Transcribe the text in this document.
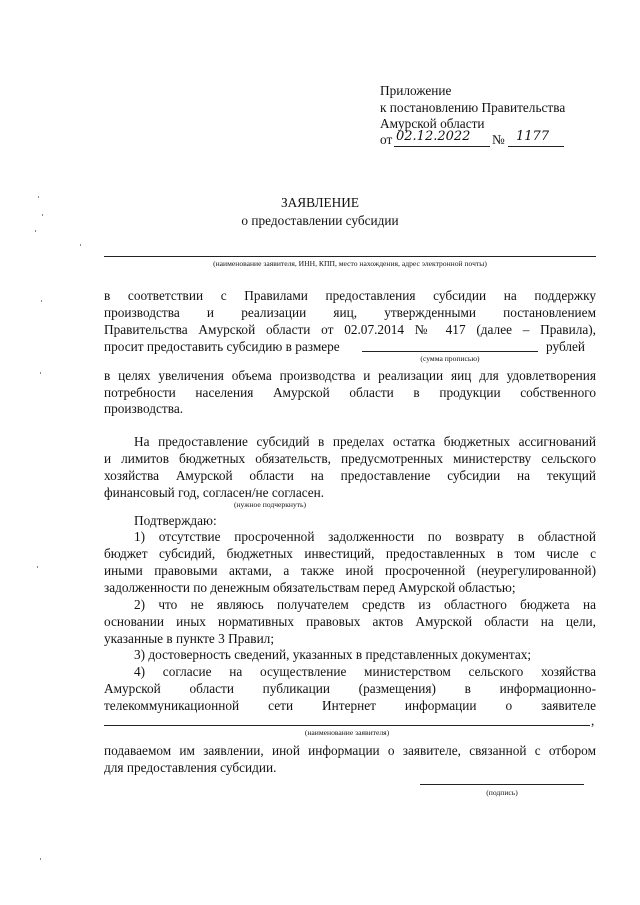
Приложение
к постановлению Правительства
Амурской области
от 02.12.2022 № 1177
ЗАЯВЛЕНИЕ
о предоставлении субсидии
(наименование заявителя, ИНН, КПП, место нахождения, адрес электронной почты)
в соответствии с Правилами предоставления субсидии на поддержку
производства и реализации яиц, утвержденными постановлением
Правительства Амурской области от 02.07.2014 № 417 (далее – Правила),
просит предоставить субсидию в размере	рублей
(сумма прописью)
в целях увеличения объема производства и реализации яиц для удовлетворения
потребности населения Амурской области в продукции собственного
производства.
На предоставление субсидий в пределах остатка бюджетных ассигнований
и лимитов бюджетных обязательств, предусмотренных министерству сельского
хозяйства Амурской области на предоставление субсидии на текущий
финансовый год, согласен/не согласен.
(нужное подчеркнуть)
Подтверждаю:
1) отсутствие просроченной задолженности по возврату в областной
бюджет субсидий, бюджетных инвестиций, предоставленных в том числе с
иными правовыми актами, а также иной просроченной (неурегулированной)
задолженности по денежным обязательствам перед Амурской областью;
2) что не являюсь получателем средств из областного бюджета на
основании иных нормативных правовых актов Амурской области на цели,
указанные в пункте 3 Правил;
3) достоверность сведений, указанных в представленных документах;
4) согласие на осуществление министерством сельского хозяйства
Амурской области публикации (размещения) в информационно-
телекоммуникационной сети Интернет информации о заявителе
,
(наименование заявителя)
подаваемом им заявлении, иной информации о заявителе, связанной с отбором
для предоставления субсидии.
(подпись)
